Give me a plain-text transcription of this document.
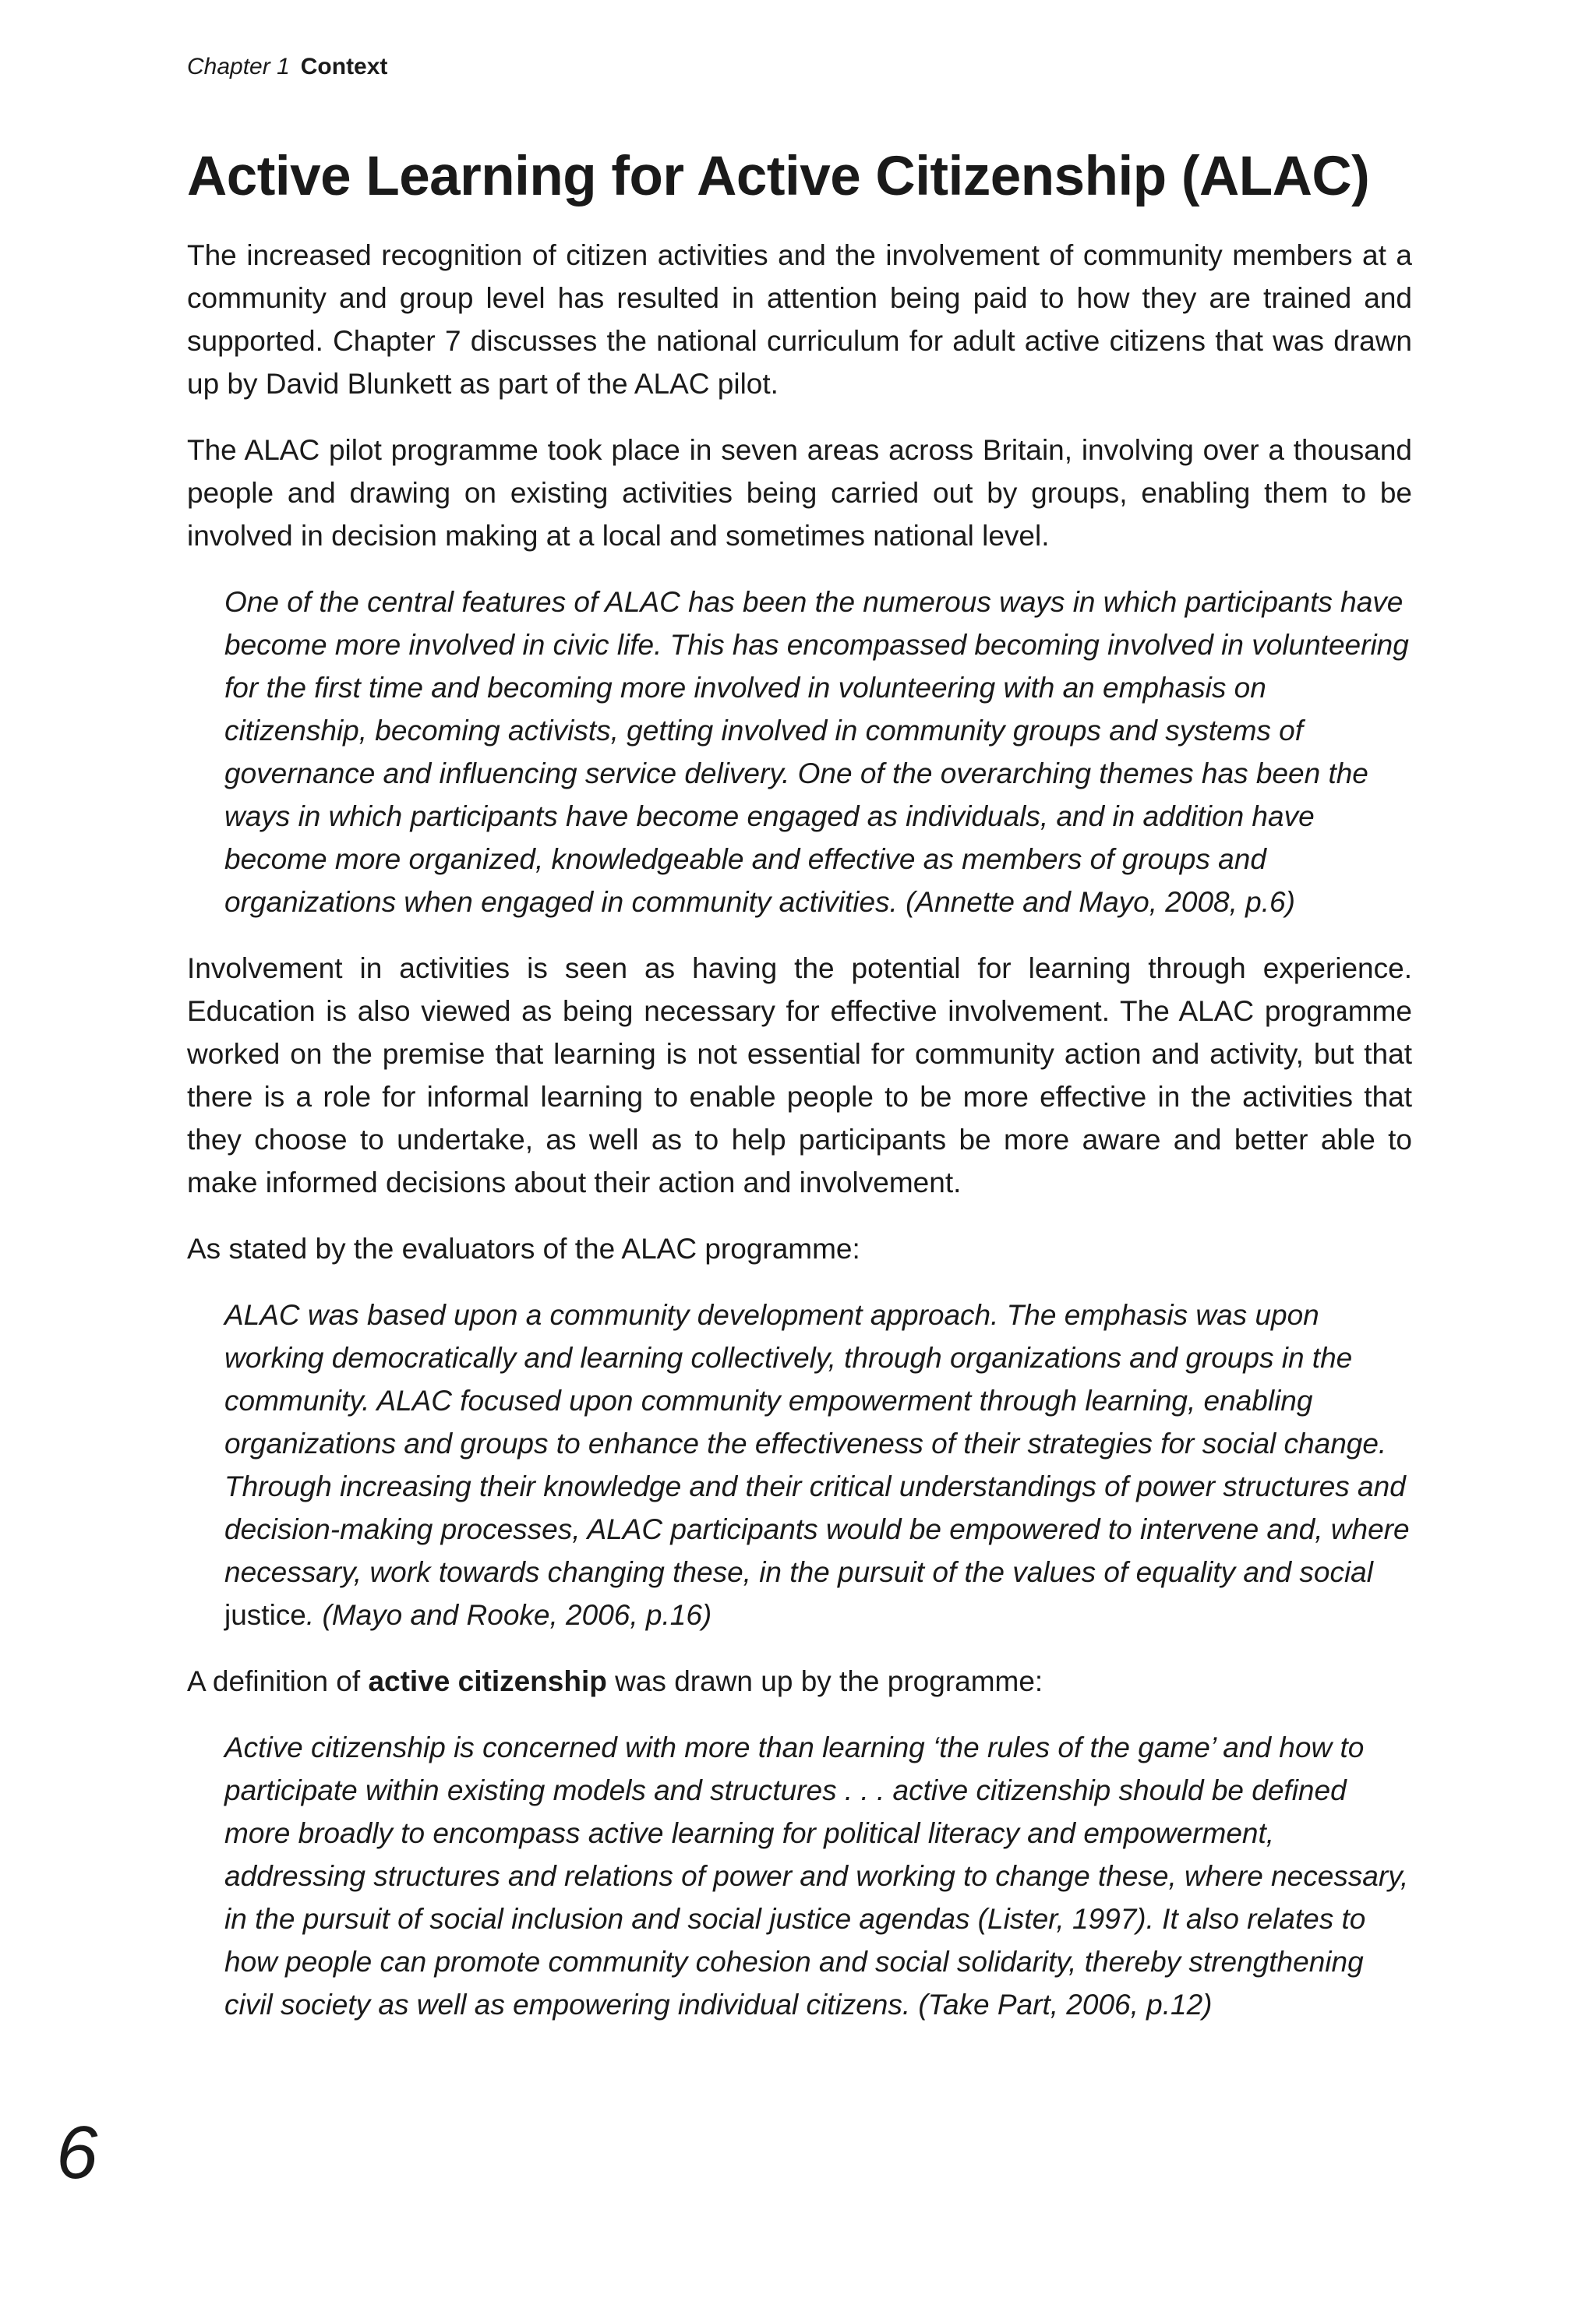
Chapter 1 Context
Active Learning for Active Citizenship (ALAC)

The increased recognition of citizen activities and the involvement of community members at a community and group level has resulted in attention being paid to how they are trained and supported. Chapter 7 discusses the national curriculum for adult active citizens that was drawn up by David Blunkett as part of the ALAC pilot.

The ALAC pilot programme took place in seven areas across Britain, involving over a thousand people and drawing on existing activities being carried out by groups, enabling them to be involved in decision making at a local and sometimes national level.

One of the central features of ALAC has been the numerous ways in which participants have become more involved in civic life. This has encompassed becoming involved in volunteering for the first time and becoming more involved in volunteering with an emphasis on citizenship, becoming activists, getting involved in community groups and systems of governance and influencing service delivery. One of the overarching themes has been the ways in which participants have become engaged as individuals, and in addition have become more organized, knowledgeable and effective as members of groups and organizations when engaged in community activities. (Annette and Mayo, 2008, p.6)

Involvement in activities is seen as having the potential for learning through experience. Education is also viewed as being necessary for effective involvement. The ALAC programme worked on the premise that learning is not essential for community action and activity, but that there is a role for informal learning to enable people to be more effective in the activities that they choose to undertake, as well as to help participants be more aware and better able to make informed decisions about their action and involvement.

As stated by the evaluators of the ALAC programme:

ALAC was based upon a community development approach. The emphasis was upon working democratically and learning collectively, through organizations and groups in the community. ALAC focused upon community empowerment through learning, enabling organizations and groups to enhance the effectiveness of their strategies for social change. Through increasing their knowledge and their critical understandings of power structures and decision-making processes, ALAC participants would be empowered to intervene and, where necessary, work towards changing these, in the pursuit of the values of equality and social justice. (Mayo and Rooke, 2006, p.16)

A definition of active citizenship was drawn up by the programme:

Active citizenship is concerned with more than learning ‘the rules of the game’ and how to participate within existing models and structures . . . active citizenship should be defined more broadly to encompass active learning for political literacy and empowerment, addressing structures and relations of power and working to change these, where necessary, in the pursuit of social inclusion and social justice agendas (Lister, 1997). It also relates to how people can promote community cohesion and social solidarity, thereby strengthening civil society as well as empowering individual citizens. (Take Part, 2006, p.12)
6
